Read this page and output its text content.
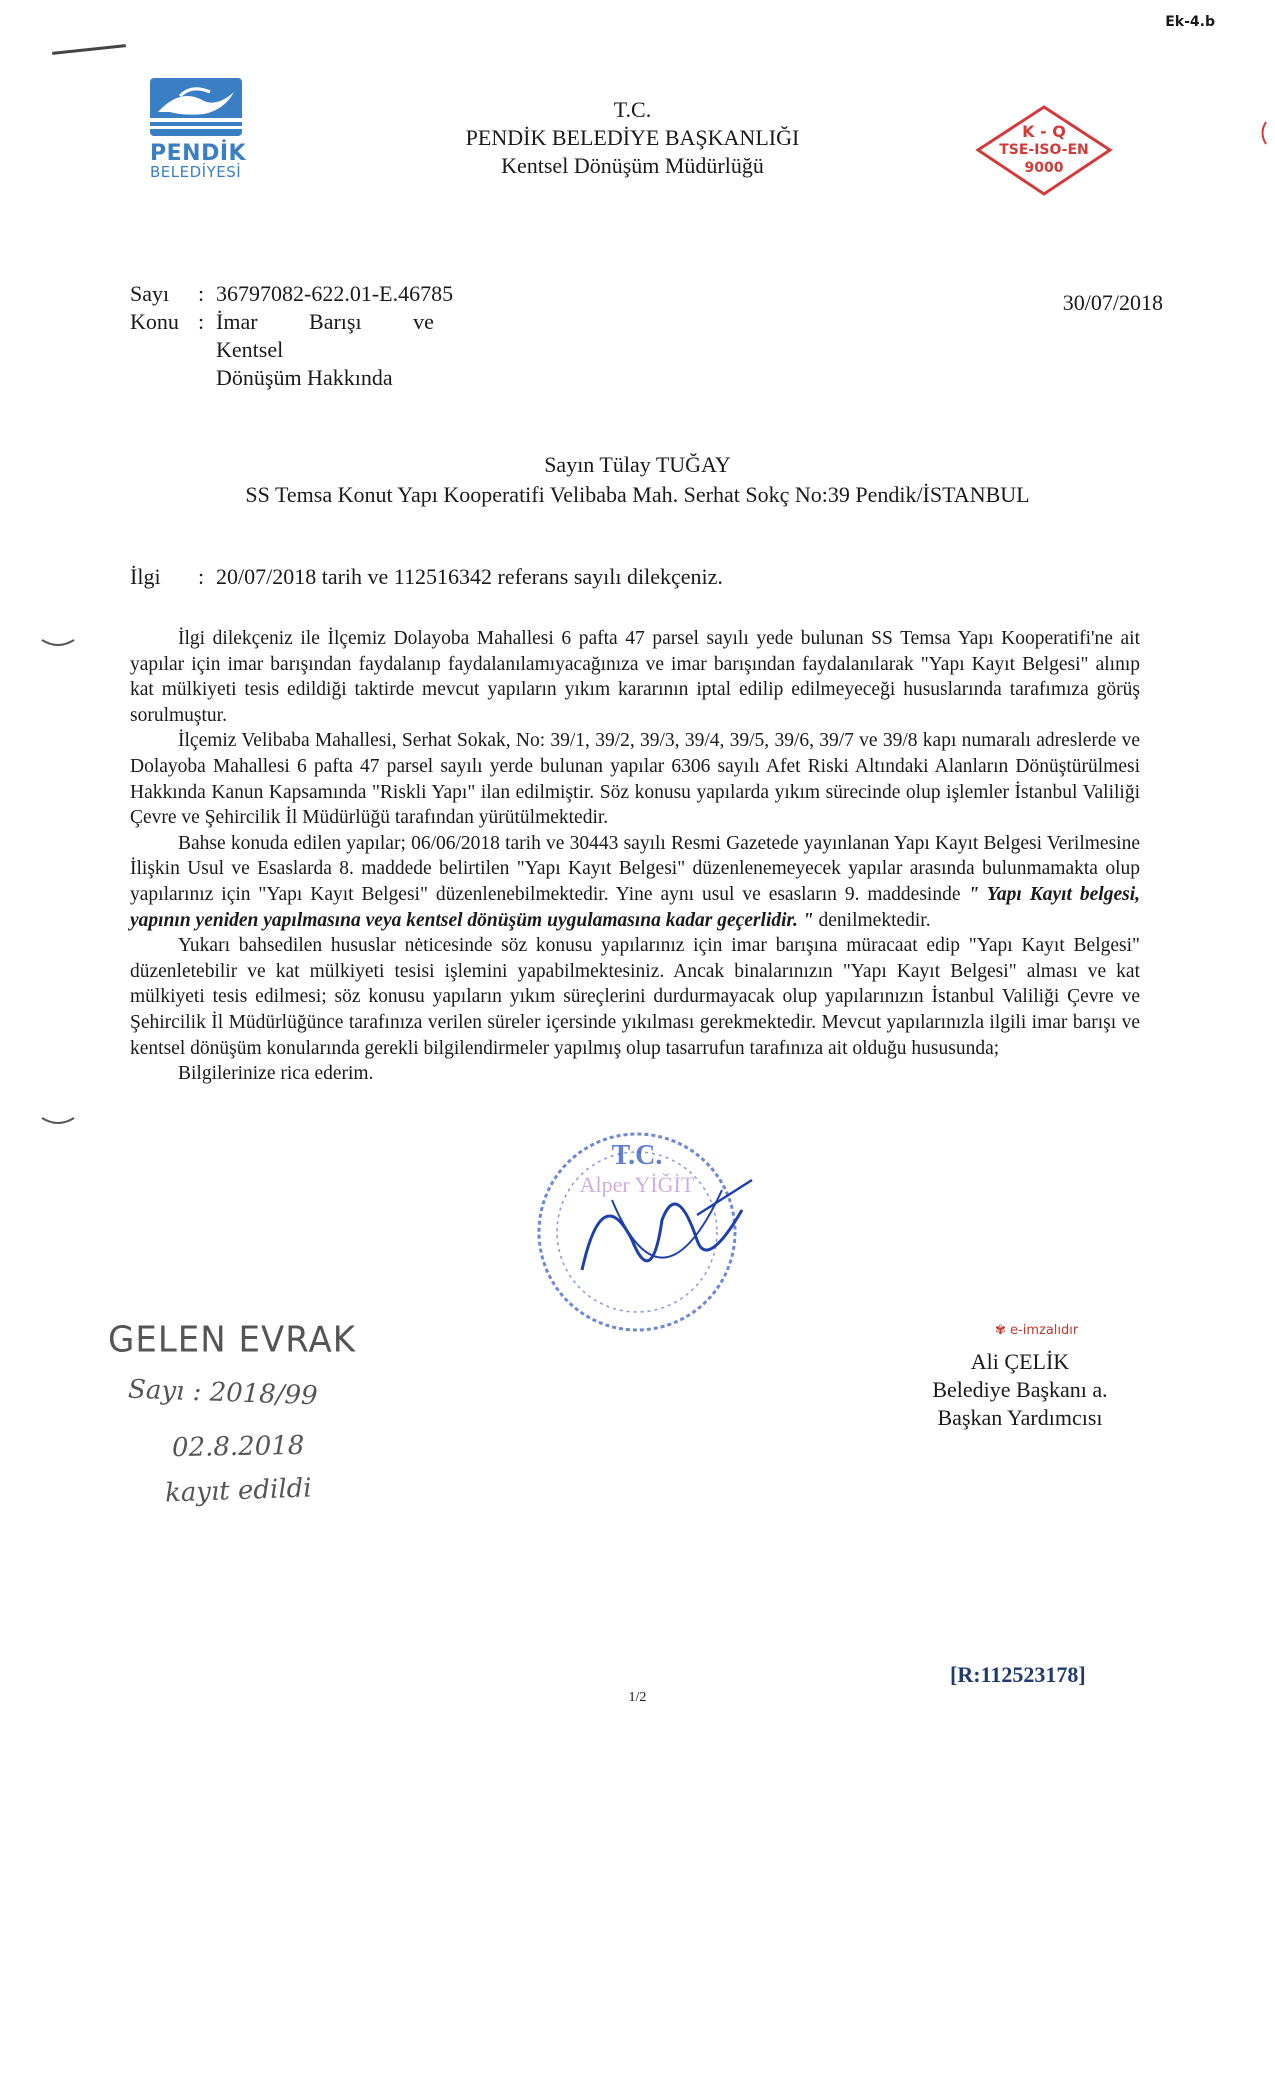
Ek-4.b
PENDİK
BELEDİYESİ
T.C.
PENDİK BELEDİYE BAŞKANLIĞI
Kentsel Dönüşüm Müdürlüğü
K - Q
TSE-ISO-EN
9000
Sayı	: 36797082-622.01-E.46785
Konu : İmar Barışı ve Kentsel
Dönüşüm Hakkında
30/07/2018
Sayın Tülay TUĞAY
SS Temsa Konut Yapı Kooperatifi Velibaba Mah. Serhat Sokç No:39 Pendik/İSTANBUL
İlgi	: 20/07/2018 tarih ve 112516342 referans sayılı dilekçeniz.

İlgi dilekçeniz ile İlçemiz Dolayoba Mahallesi 6 pafta 47 parsel sayılı yede bulunan SS Temsa Yapı Kooperatifi'ne ait yapılar için imar barışından faydalanıp faydalanılamıyacağınıza ve imar barışından faydalanılarak "Yapı Kayıt Belgesi" alınıp kat mülkiyeti tesis edildiği taktirde mevcut yapıların yıkım kararının iptal edilip edilmeyeceği hususlarında tarafımıza görüş sorulmuştur.

İlçemiz Velibaba Mahallesi, Serhat Sokak, No: 39/1, 39/2, 39/3, 39/4, 39/5, 39/6, 39/7 ve 39/8 kapı numaralı adreslerde ve Dolayoba Mahallesi 6 pafta 47 parsel sayılı yerde bulunan yapılar 6306 sayılı Afet Riski Altındaki Alanların Dönüştürülmesi Hakkında Kanun Kapsamında "Riskli Yapı" ilan edilmiştir. Söz konusu yapılarda yıkım sürecinde olup işlemler İstanbul Valiliği Çevre ve Şehircilik İl Müdürlüğü tarafından yürütülmektedir.

Bahse konuda edilen yapılar; 06/06/2018 tarih ve 30443 sayılı Resmi Gazetede yayınlanan Yapı Kayıt Belgesi Verilmesine İlişkin Usul ve Esaslarda 8. maddede belirtilen "Yapı Kayıt Belgesi" düzenlenemeyecek yapılar arasında bulunmamakta olup yapılarınız için "Yapı Kayıt Belgesi" düzenlenebilmektedir. Yine aynı usul ve esasların 9. maddesinde " Yapı Kayıt belgesi, yapının yeniden yapılmasına veya kentsel dönüşüm uygulamasına kadar geçerlidir. " denilmektedir.

Yukarı bahsedilen hususlar nėticesinde söz konusu yapılarınız için imar barışına müracaat edip "Yapı Kayıt Belgesi" düzenletebilir ve kat mülkiyeti tesisi işlemini yapabilmektesiniz. Ancak binalarınızın "Yapı Kayıt Belgesi" alması ve kat mülkiyeti tesis edilmesi; söz konusu yapıların yıkım süreçlerini durdurmayacak olup yapılarınızın İstanbul Valiliği Çevre ve Şehircilik İl Müdürlüğünce tarafınıza verilen süreler içersinde yıkılması gerekmektedir. Mevcut yapılarınızla ilgili imar barışı ve kentsel dönüşüm konularında gerekli bilgilendirmeler yapılmış olup tasarrufun tarafınıza ait olduğu hususunda;

Bilgilerinize rica ederim.

T.C.
Alper YİĞİT
✾ e-imzalıdır
Ali ÇELİK
Belediye Başkanı a.
Başkan Yardımcısı
GELEN EVRAK
Sayı : 2018/99
02.8.2018
kayıt edildi
[R:112523178]
1/2
